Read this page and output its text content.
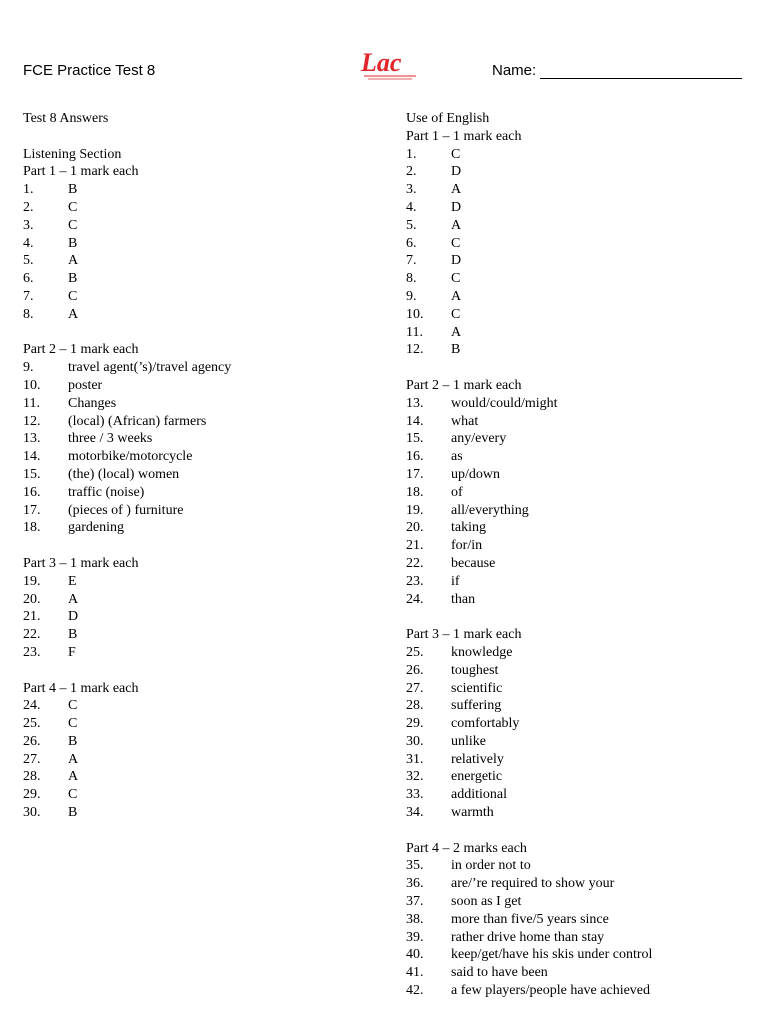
FCE Practice Test 8	Lac	Name:
Test 8 Answers
Listening Section
Part 1 – 1 mark each
1.	B
2.	C
3.	C
4.	B
5.	A
6.	B
7.	C
8.	A
Part 2 – 1 mark each
9.	travel agent(’s)/travel agency
10.	poster
11.	Changes
12.	(local) (African) farmers
13.	three / 3 weeks
14.	motorbike/motorcycle
15.	(the) (local) women
16.	traffic (noise)
17.	(pieces of ) furniture
18.	gardening
Part 3 – 1 mark each
19.	E
20.	A
21.	D
22.	B
23.	F
Part 4 – 1 mark each
24.	C
25.	C
26.	B
27.	A
28.	A
29.	C
30.	B
Use of English
Part 1 – 1 mark each
1.	C
2.	D
3.	A
4.	D
5.	A
6.	C
7.	D
8.	C
9.	A
10.	C
11.	A
12.	B
Part 2 – 1 mark each
13.	would/could/might
14.	what
15.	any/every
16.	as
17.	up/down
18.	of
19.	all/everything
20.	taking
21.	for/in
22.	because
23.	if
24.	than
Part 3 – 1 mark each
25.	knowledge
26.	toughest
27.	scientific
28.	suffering
29.	comfortably
30.	unlike
31.	relatively
32.	energetic
33.	additional
34.	warmth
Part 4 – 2 marks each
35.	in order not to
36.	are/’re required to show your
37.	soon as I get
38.	more than five/5 years since
39.	rather drive home than stay
40.	keep/get/have his skis under control
41.	said to have been
42.	a few players/people have achieved
